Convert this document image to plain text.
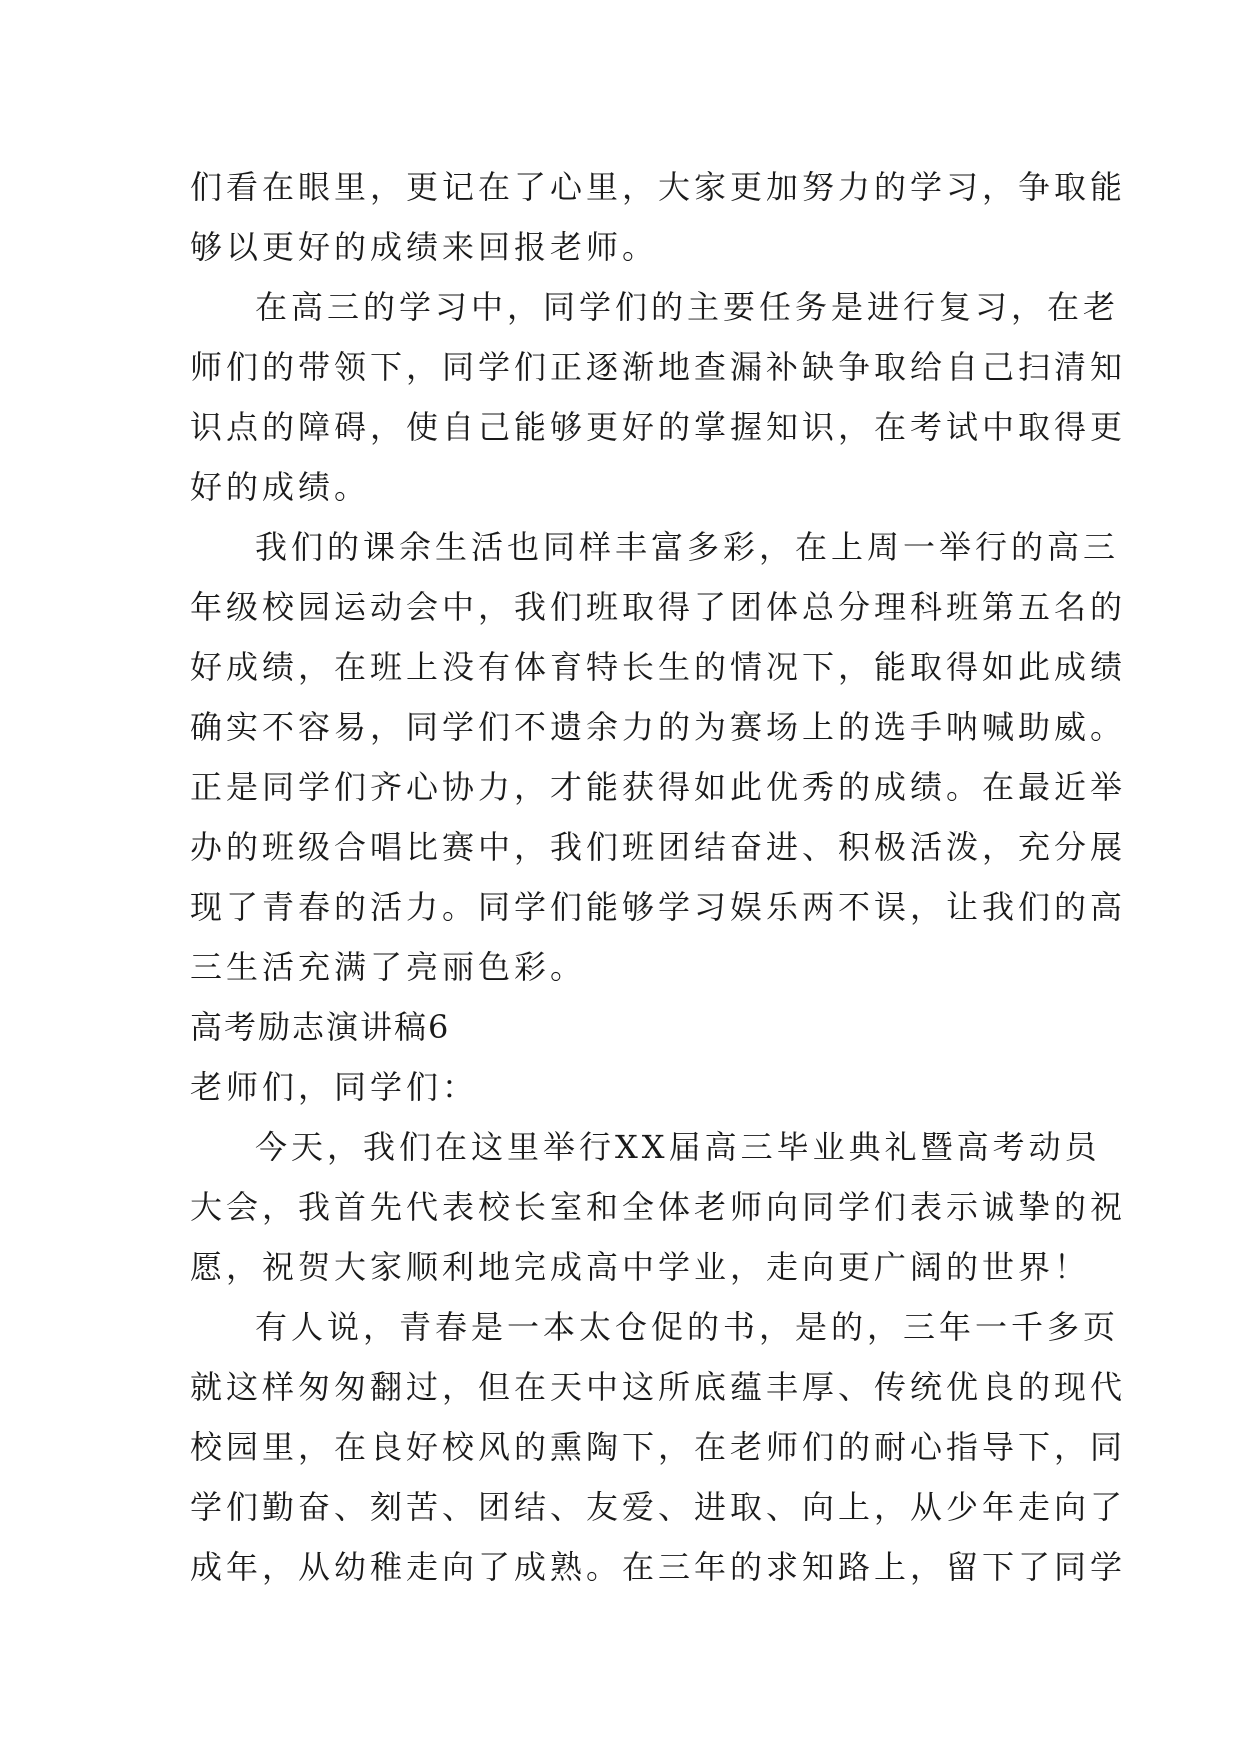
们看在眼里，更记在了心里，大家更加努力的学习，争取能
够以更好的成绩来回报老师。
在高三的学习中，同学们的主要任务是进行复习，在老
师们的带领下，同学们正逐渐地查漏补缺争取给自己扫清知
识点的障碍，使自己能够更好的掌握知识，在考试中取得更
好的成绩。
我们的课余生活也同样丰富多彩，在上周一举行的高三
年级校园运动会中，我们班取得了团体总分理科班第五名的
好成绩，在班上没有体育特长生的情况下，能取得如此成绩
确实不容易，同学们不遗余力的为赛场上的选手呐喊助威。
正是同学们齐心协力，才能获得如此优秀的成绩。在最近举
办的班级合唱比赛中，我们班团结奋进、积极活泼，充分展
现了青春的活力。同学们能够学习娱乐两不误，让我们的高
三生活充满了亮丽色彩。
高考励志演讲稿6
老师们，同学们：
今天，我们在这里举行XX届高三毕业典礼暨高考动员
大会，我首先代表校长室和全体老师向同学们表示诚挚的祝
愿，祝贺大家顺利地完成高中学业，走向更广阔的世界！
有人说，青春是一本太仓促的书，是的，三年一千多页
就这样匆匆翻过，但在天中这所底蕴丰厚、传统优良的现代
校园里，在良好校风的熏陶下，在老师们的耐心指导下，同
学们勤奋、刻苦、团结、友爱、进取、向上，从少年走向了
成年，从幼稚走向了成熟。在三年的求知路上，留下了同学
